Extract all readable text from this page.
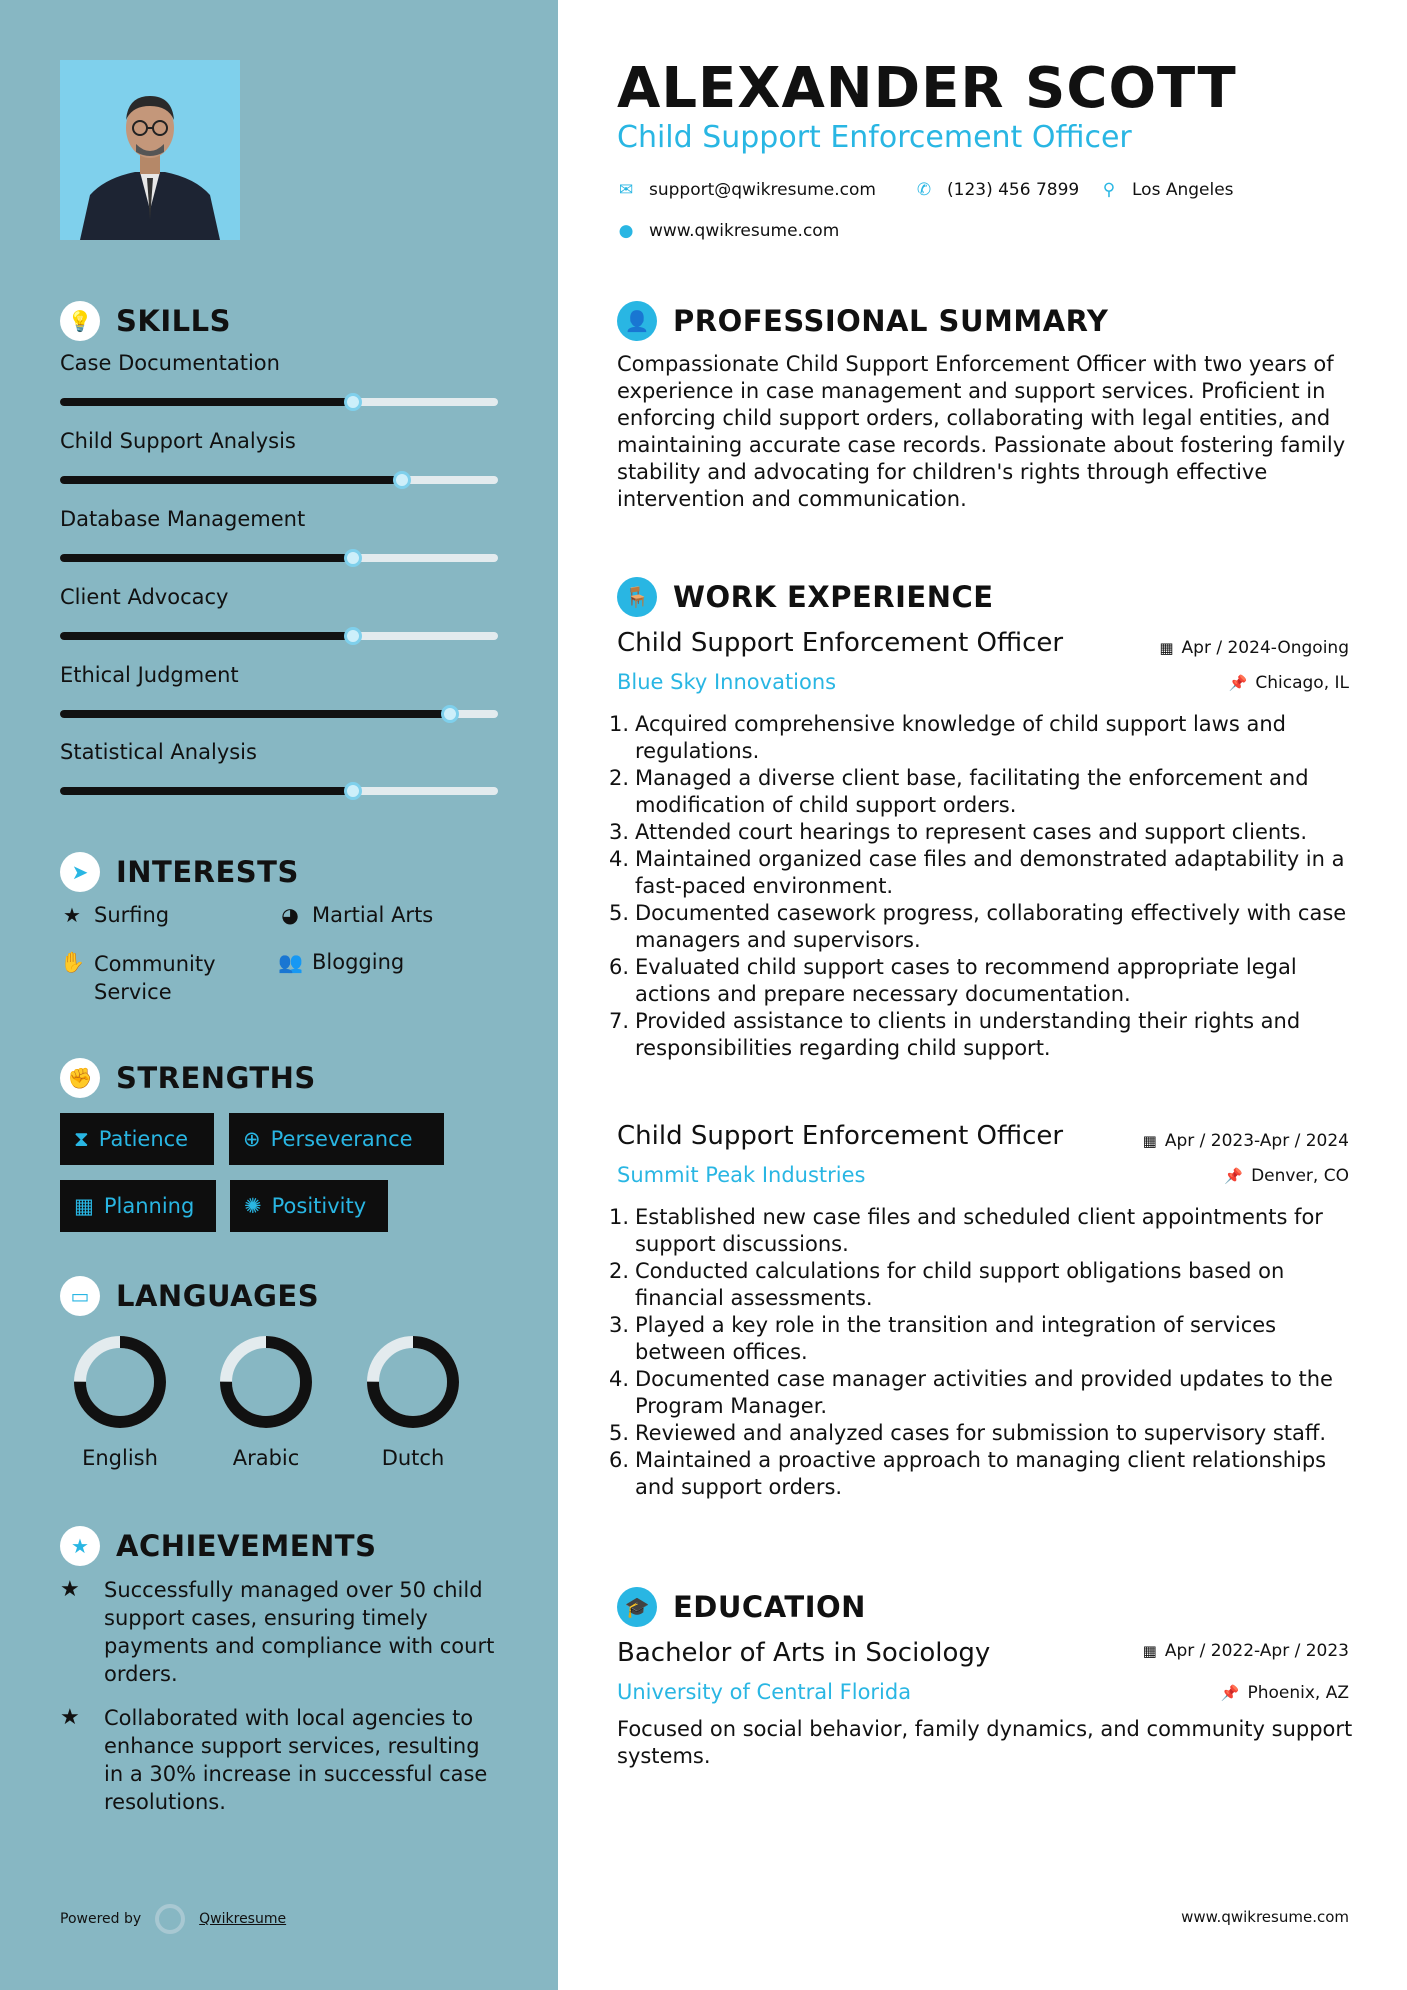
💡 SKILLS
Case Documentation
Child Support Analysis
Database Management
Client Advocacy
Ethical Judgment
Statistical Analysis
➤ INTERESTS
★ Surfing	◕ Martial Arts
✋ Community Service
👥 Blogging
✊ STRENGTHS
⧗ Patience	⊕ Perseverance
▦ Planning ✺ Positivity
▭ LANGUAGES
English	Arabic	Dutch
★ ACHIEVEMENTS
★	Successfully managed over 50 child support cases, ensuring timely payments and compliance with court orders.
★	Collaborated with local agencies to enhance support services, resulting in a 30% increase in successful case resolutions.
Powered by	Qwikresume
ALEXANDER SCOTT
Child Support Enforcement Officer
✉ support@qwikresume.com ✆ (123) 456 7899 ⚲ Los Angeles
● www.qwikresume.com
👤 PROFESSIONAL SUMMARY
Compassionate Child Support Enforcement Officer with two years of experience in case management and support services. Proficient in enforcing child support orders, collaborating with legal entities, and maintaining accurate case records. Passionate about fostering family stability and advocating for children's rights through effective intervention and communication.
🪑 WORK EXPERIENCE
Child Support Enforcement Officer	▦ Apr / 2024-Ongoing
Blue Sky Innovations	📌 Chicago, IL
Acquired comprehensive knowledge of child support laws and regulations.
Managed a diverse client base, facilitating the enforcement and modification of child support orders.
Attended court hearings to represent cases and support clients.
Maintained organized case files and demonstrated adaptability in a fast-paced environment.
Documented casework progress, collaborating effectively with case managers and supervisors.
Evaluated child support cases to recommend appropriate legal actions and prepare necessary documentation.
Provided assistance to clients in understanding their rights and responsibilities regarding child support.
Child Support Enforcement Officer	▦ Apr / 2023-Apr / 2024
Summit Peak Industries	📌 Denver, CO
Established new case files and scheduled client appointments for support discussions.
Conducted calculations for child support obligations based on financial assessments.
Played a key role in the transition and integration of services between offices.
Documented case manager activities and provided updates to the Program Manager.
Reviewed and analyzed cases for submission to supervisory staff.
Maintained a proactive approach to managing client relationships and support orders.
🎓 EDUCATION
Bachelor of Arts in Sociology	▦ Apr / 2022-Apr / 2023
University of Central Florida	📌 Phoenix, AZ
Focused on social behavior, family dynamics, and community support systems.
www.qwikresume.com
